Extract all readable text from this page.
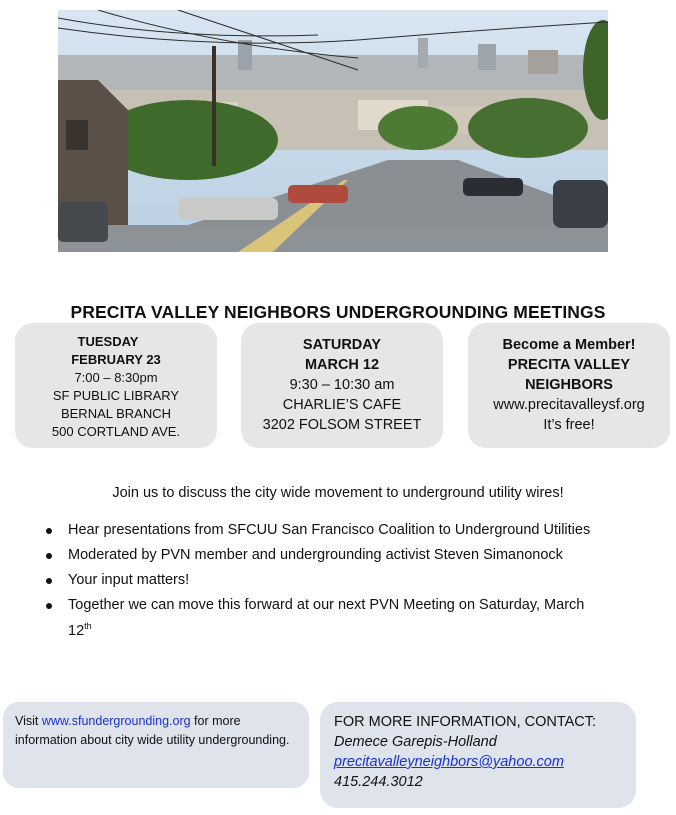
PRECITA VALLEY NEIGHBORS UNDERGROUNDING MEETINGS
TUESDAY
FEBRUARY 23
7:00 – 8:30pm
SF PUBLIC LIBRARY
BERNAL BRANCH
500 CORTLAND AVE.
SATURDAY
MARCH 12
9:30 – 10:30 am
CHARLIE’S CAFE
3202 FOLSOM STREET
Become a Member!
PRECITA VALLEY
NEIGHBORS
www.precitavalleysf.org
It’s free!
Join us to discuss the city wide movement to underground utility wires!
Hear presentations from SFCUU San Francisco Coalition to Underground Utilities
Moderated by PVN member and undergrounding activist Steven Simanonock
Your input matters!
Together we can move this forward at our next PVN Meeting on Saturday, March 12th
Visit www.sfundergrounding.org for more information about city wide utility undergrounding.
FOR MORE INFORMATION, CONTACT:
Demece Garepis-Holland
precitavalleyneighbors@yahoo.com
415.244.3012
